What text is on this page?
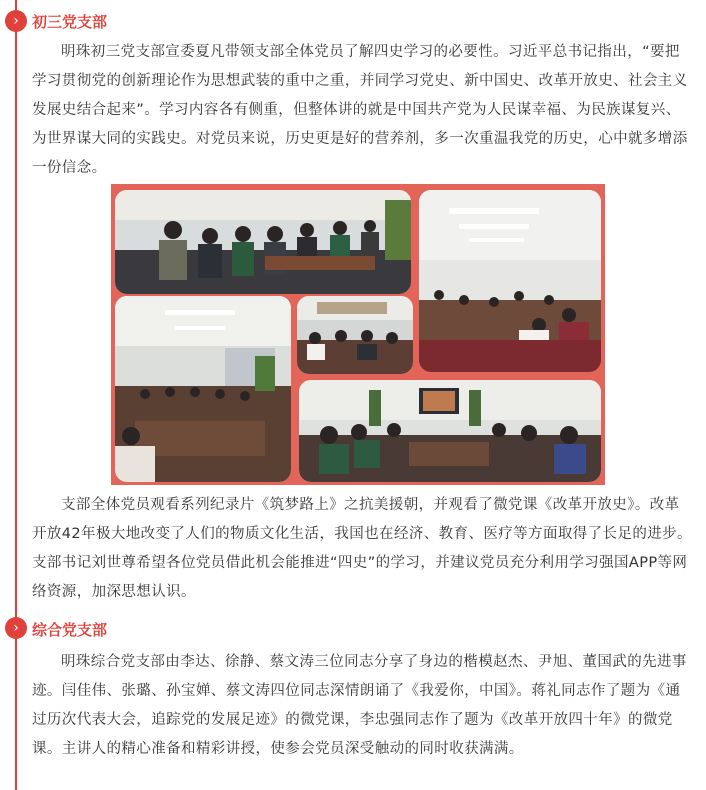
› 初三党支部

明珠初三党支部宣委夏凡带领支部全体党员了解四史学习的必要性。习近平总书记指出，“要把学习贯彻党的创新理论作为思想武装的重中之重，并同学习党史、新中国史、改革开放史、社会主义发展史结合起来”。学习内容各有侧重，但整体讲的就是中国共产党为人民谋幸福、为民族谋复兴、为世界谋大同的实践史。对党员来说，历史更是好的营养剂，多一次重温我党的历史，心中就多增添一份信念。

支部全体党员观看系列纪录片《筑梦路上》之抗美援朝，并观看了微党课《改革开放史》。改革开放42年极大地改变了人们的物质文化生活，我国也在经济、教育、医疗等方面取得了长足的进步。支部书记刘世尊希望各位党员借此机会能推进“四史”的学习，并建议党员充分利用学习强国APP等网络资源，加深思想认识。

› 综合党支部

明珠综合党支部由李达、徐静、蔡文涛三位同志分享了身边的楷模赵杰、尹旭、董国武的先进事迹。闫佳伟、张璐、孙宝婵、蔡文涛四位同志深情朗诵了《我爱你，中国》。蒋礼同志作了题为《通过历次代表大会，追踪党的发展足迹》的微党课，李忠强同志作了题为《改革开放四十年》的微党课。主讲人的精心准备和精彩讲授，使参会党员深受触动的同时收获满满。
